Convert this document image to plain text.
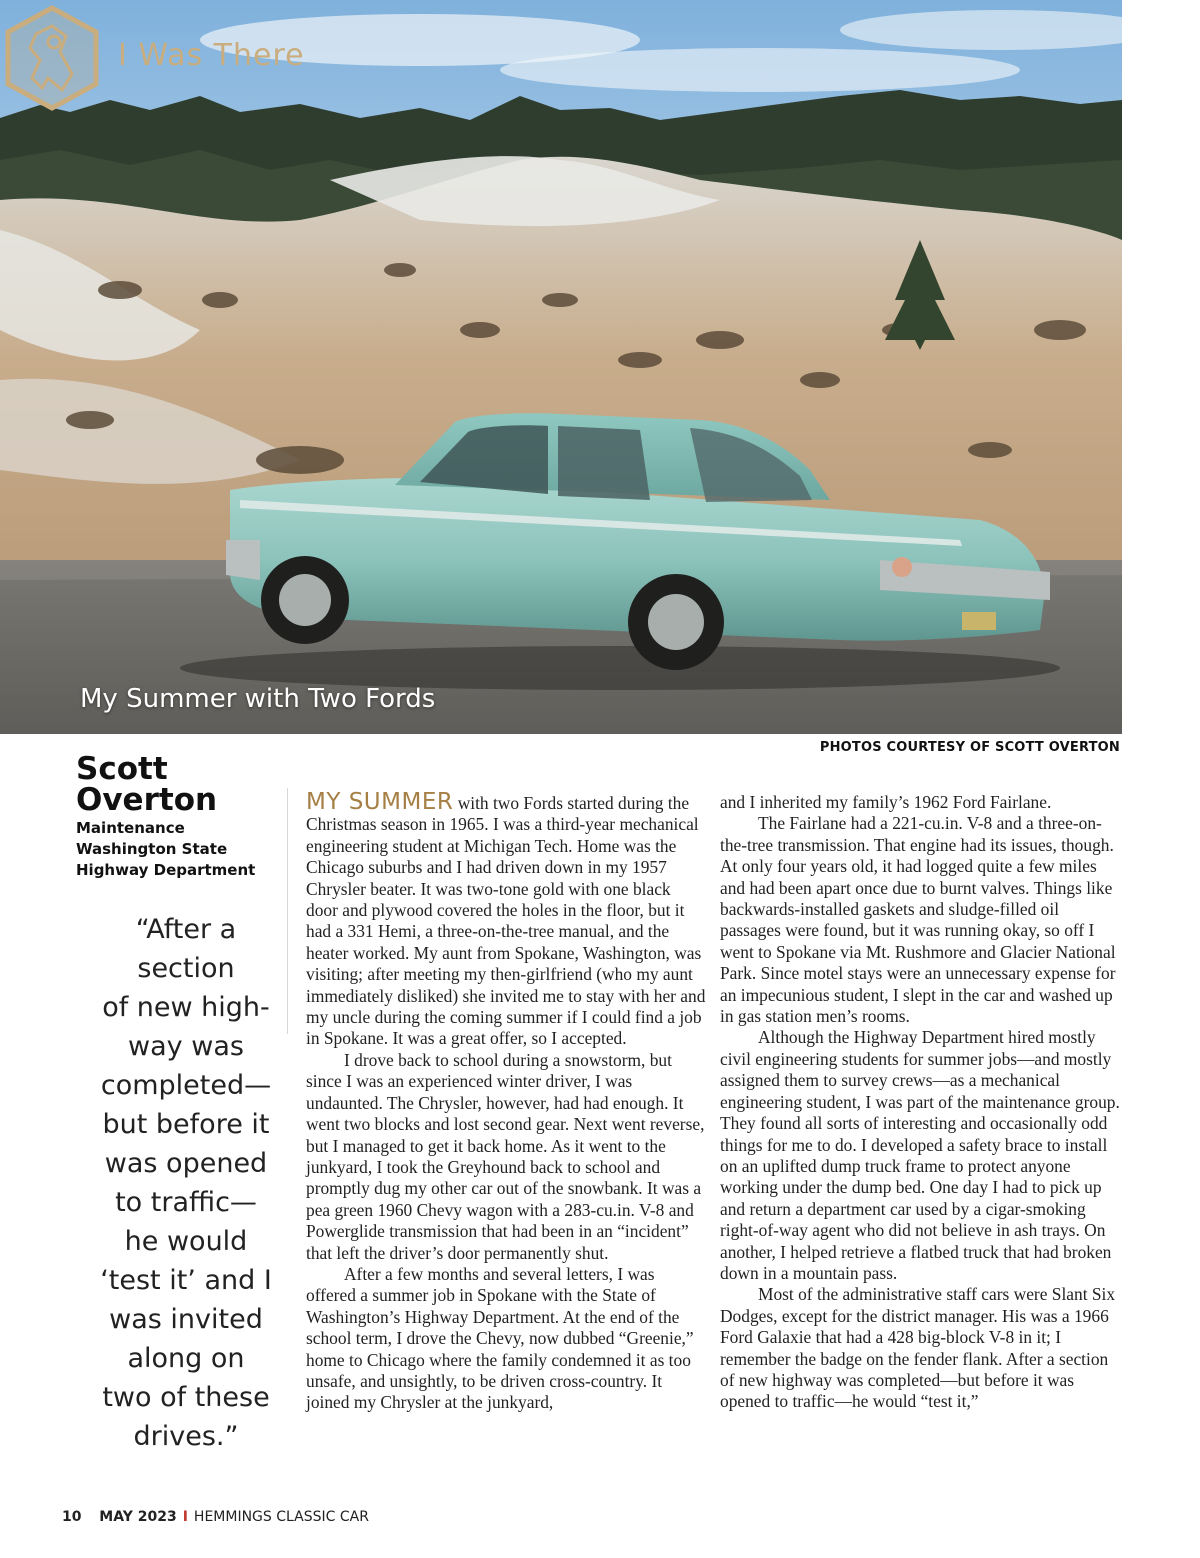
I Was There
My Summer with Two Fords
PHOTOS COURTESY OF SCOTT OVERTON
Scott
Overton
Maintenance
Washington State
Highway Department
“After a
section
of new high-
way was
completed—
but before it
was opened
to traffic—
he would
‘test it’ and I
was invited
along on
two of these
drives.”

MY SUMMER with two Fords started during the Christmas season in 1965. I was a third-year mechanical engineering student at Michigan Tech. Home was the Chicago suburbs and I had driven down in my 1957 Chrysler beater. It was two-tone gold with one black door and plywood covered the holes in the floor, but it had a 331 Hemi, a three-on-the-tree manual, and the heater worked. My aunt from Spokane, Washington, was visiting; after meeting my then-girlfriend (who my aunt immediately disliked) she invited me to stay with her and my uncle during the coming summer if I could find a job in Spokane. It was a great offer, so I accepted.

I drove back to school during a snowstorm, but since I was an experienced winter driver, I was undaunted. The Chrysler, however, had had enough. It went two blocks and lost second gear. Next went reverse, but I managed to get it back home. As it went to the junkyard, I took the Greyhound back to school and promptly dug my other car out of the snowbank. It was a pea green 1960 Chevy wagon with a 283-cu.in. V-8 and Powerglide transmission that had been in an “incident” that left the driver’s door permanently shut.

After a few months and several letters, I was offered a summer job in Spokane with the State of Washington’s Highway Department. At the end of the school term, I drove the Chevy, now dubbed “Greenie,” home to Chicago where the family condemned it as too unsafe, and unsightly, to be driven cross-country. It joined my Chrysler at the junkyard,

and I inherited my family’s 1962 Ford Fairlane.

The Fairlane had a 221-cu.in. V-8 and a three-on-the-tree transmission. That engine had its issues, though. At only four years old, it had logged quite a few miles and had been apart once due to burnt valves. Things like backwards-installed gaskets and sludge-filled oil passages were found, but it was running okay, so off I went to Spokane via Mt. Rushmore and Glacier National Park. Since motel stays were an unnecessary expense for an impecunious student, I slept in the car and washed up in gas station men’s rooms.

Although the Highway Department hired mostly civil engineering students for summer jobs—and mostly assigned them to survey crews—as a mechanical engineering student, I was part of the maintenance group. They found all sorts of interesting and occasionally odd things for me to do. I developed a safety brace to install on an uplifted dump truck frame to protect anyone working under the dump bed. One day I had to pick up and return a department car used by a cigar-smoking right-of-way agent who did not believe in ash trays. On another, I helped retrieve a flatbed truck that had broken down in a mountain pass.

Most of the administrative staff cars were Slant Six Dodges, except for the district manager. His was a 1966 Ford Galaxie that had a 428 big-block V-8 in it; I remember the badge on the fender flank. After a section of new highway was completed—but before it was opened to traffic—he would “test it,”

10 MAY 2023 I HEMMINGS CLASSIC CAR
